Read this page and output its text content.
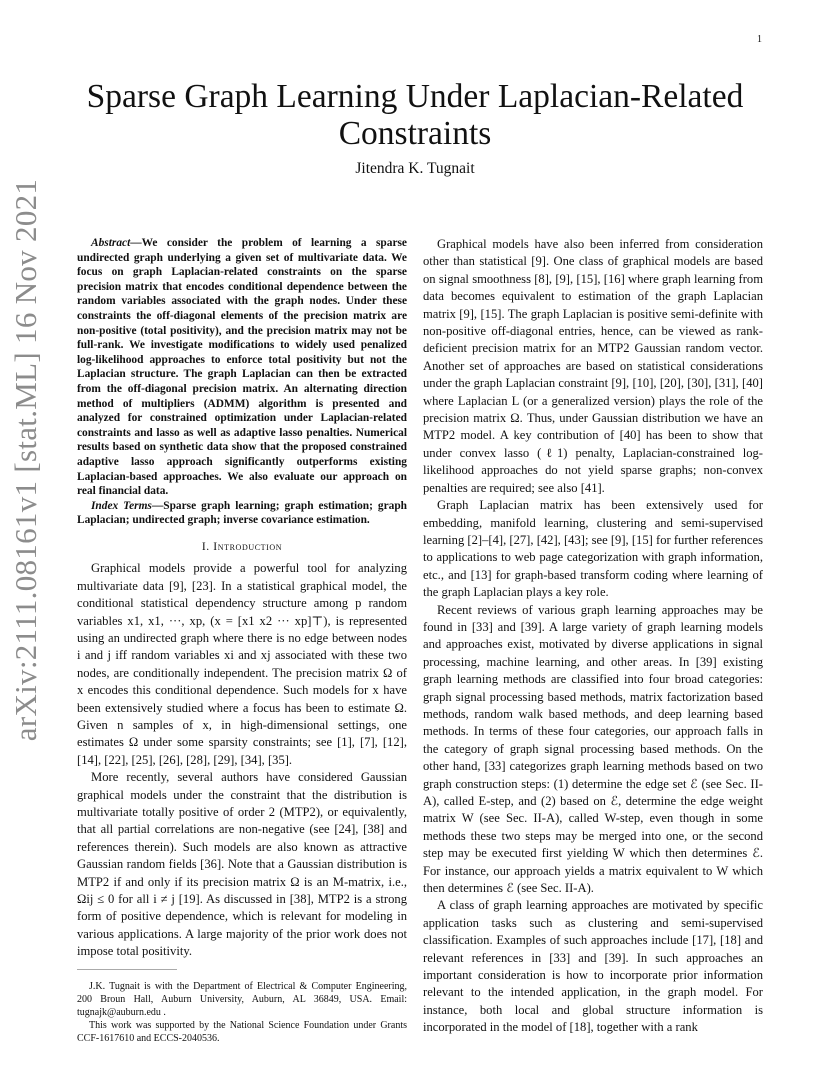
1
arXiv:2111.08161v1 [stat.ML] 16 Nov 2021
Sparse Graph Learning Under Laplacian-Related Constraints
Jitendra K. Tugnait

Abstract—We consider the problem of learning a sparse undirected graph underlying a given set of multivariate data. We focus on graph Laplacian-related constraints on the sparse precision matrix that encodes conditional dependence between the random variables associated with the graph nodes. Under these constraints the off-diagonal elements of the precision matrix are non-positive (total positivity), and the precision matrix may not be full-rank. We investigate modifications to widely used penalized log-likelihood approaches to enforce total positivity but not the Laplacian structure. The graph Laplacian can then be extracted from the off-diagonal precision matrix. An alternating direction method of multipliers (ADMM) algorithm is presented and analyzed for constrained optimization under Laplacian-related constraints and lasso as well as adaptive lasso penalties. Numerical results based on synthetic data show that the proposed constrained adaptive lasso approach significantly outperforms existing Laplacian-based approaches. We also evaluate our approach on real financial data.

Index Terms—Sparse graph learning; graph estimation; graph Laplacian; undirected graph; inverse covariance estimation.

I. Introduction

Graphical models provide a powerful tool for analyzing multivariate data [9], [23]. In a statistical graphical model, the conditional statistical dependency structure among p random variables x1, x1, ···, xp, (x = [x1 x2 ··· xp]⊤), is represented using an undirected graph where there is no edge between nodes i and j iff random variables xi and xj associated with these two nodes, are conditionally independent. The precision matrix Ω of x encodes this conditional dependence. Such models for x have been extensively studied where a focus has been to estimate Ω. Given n samples of x, in high-dimensional settings, one estimates Ω under some sparsity constraints; see [1], [7], [12], [14], [22], [25], [26], [28], [29], [34], [35].

More recently, several authors have considered Gaussian graphical models under the constraint that the distribution is multivariate totally positive of order 2 (MTP2), or equivalently, that all partial correlations are non-negative (see [24], [38] and references therein). Such models are also known as attractive Gaussian random fields [36]. Note that a Gaussian distribution is MTP2 if and only if its precision matrix Ω is an M-matrix, i.e., Ωij ≤ 0 for all i ≠ j [19]. As discussed in [38], MTP2 is a strong form of positive dependence, which is relevant for modeling in various applications. A large majority of the prior work does not impose total positivity.

J.K. Tugnait is with the Department of Electrical & Computer Engineering, 200 Broun Hall, Auburn University, Auburn, AL 36849, USA. Email: tugnajk@auburn.edu .

This work was supported by the National Science Foundation under Grants CCF-1617610 and ECCS-2040536.

Graphical models have also been inferred from consideration other than statistical [9]. One class of graphical models are based on signal smoothness [8], [9], [15], [16] where graph learning from data becomes equivalent to estimation of the graph Laplacian matrix [9], [15]. The graph Laplacian is positive semi-definite with non-positive off-diagonal entries, hence, can be viewed as rank-deficient precision matrix for an MTP2 Gaussian random vector. Another set of approaches are based on statistical considerations under the graph Laplacian constraint [9], [10], [20], [30], [31], [40] where Laplacian L (or a generalized version) plays the role of the precision matrix Ω. Thus, under Gaussian distribution we have an MTP2 model. A key contribution of [40] has been to show that under convex lasso (ℓ1) penalty, Laplacian-constrained log-likelihood approaches do not yield sparse graphs; non-convex penalties are required; see also [41].

Graph Laplacian matrix has been extensively used for embedding, manifold learning, clustering and semi-supervised learning [2]–[4], [27], [42], [43]; see [9], [15] for further references to applications to web page categorization with graph information, etc., and [13] for graph-based transform coding where learning of the graph Laplacian plays a key role.

Recent reviews of various graph learning approaches may be found in [33] and [39]. A large variety of graph learning models and approaches exist, motivated by diverse applications in signal processing, machine learning, and other areas. In [39] existing graph learning methods are classified into four broad categories: graph signal processing based methods, matrix factorization based methods, random walk based methods, and deep learning based methods. In terms of these four categories, our approach falls in the category of graph signal processing based methods. On the other hand, [33] categorizes graph learning methods based on two graph construction steps: (1) determine the edge set ℰ (see Sec. II-A), called E-step, and (2) based on ℰ, determine the edge weight matrix W (see Sec. II-A), called W-step, even though in some methods these two steps may be merged into one, or the second step may be executed first yielding W which then determines ℰ. For instance, our approach yields a matrix equivalent to W which then determines ℰ (see Sec. II-A).

A class of graph learning approaches are motivated by specific application tasks such as clustering and semi-supervised classification. Examples of such approaches include [17], [18] and relevant references in [33] and [39]. In such approaches an important consideration is how to incorporate prior information relevant to the intended application, in the graph model. For instance, both local and global structure information is incorporated in the model of [18], together with a rank
